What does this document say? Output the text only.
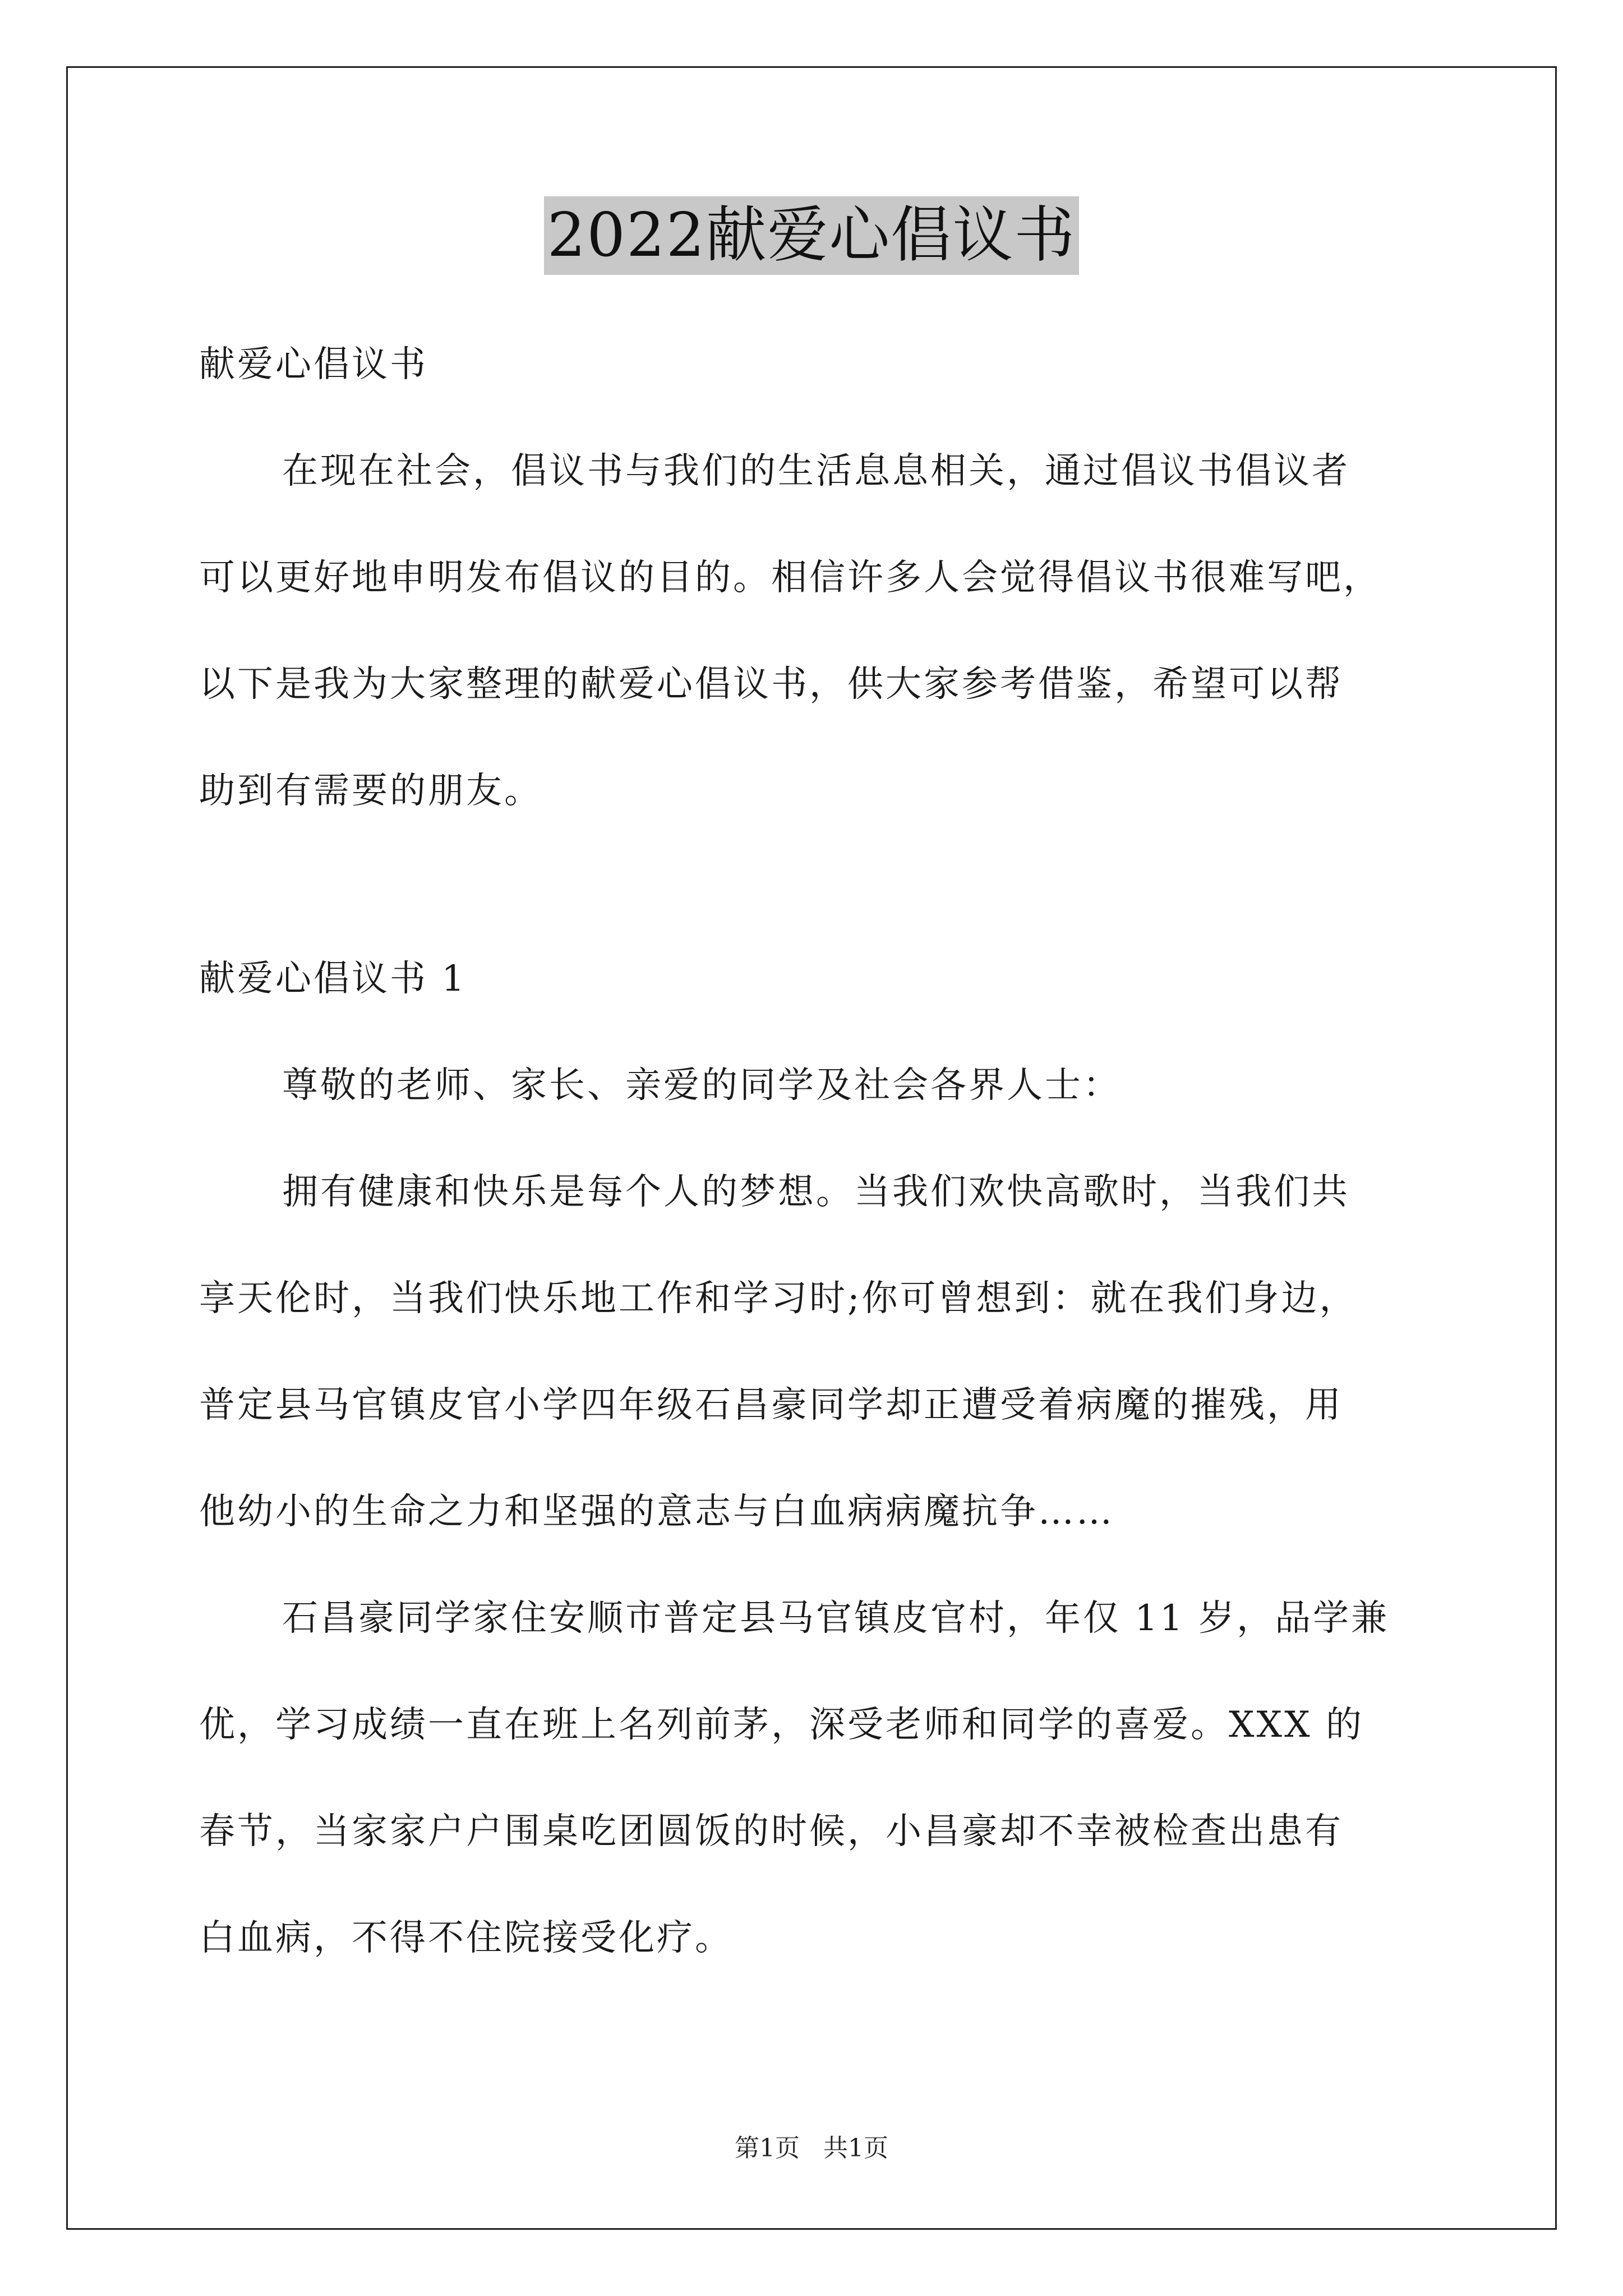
2022献爱心倡议书
献爱心倡议书
在现在社会，倡议书与我们的生活息息相关，通过倡议书倡议者
可以更好地申明发布倡议的目的。相信许多人会觉得倡议书很难写吧，
以下是我为大家整理的献爱心倡议书，供大家参考借鉴，希望可以帮
助到有需要的朋友。
献爱心倡议书 1
尊敬的老师、家长、亲爱的同学及社会各界人士：
拥有健康和快乐是每个人的梦想。当我们欢快高歌时，当我们共
享天伦时，当我们快乐地工作和学习时;你可曾想到：就在我们身边，
普定县马官镇皮官小学四年级石昌豪同学却正遭受着病魔的摧残，用
他幼小的生命之力和坚强的意志与白血病病魔抗争……
石昌豪同学家住安顺市普定县马官镇皮官村，年仅 11 岁，品学兼
优，学习成绩一直在班上名列前茅，深受老师和同学的喜爱。XXX 的
春节，当家家户户围桌吃团圆饭的时候，小昌豪却不幸被检查出患有
白血病，不得不住院接受化疗。
第1页 共1页
